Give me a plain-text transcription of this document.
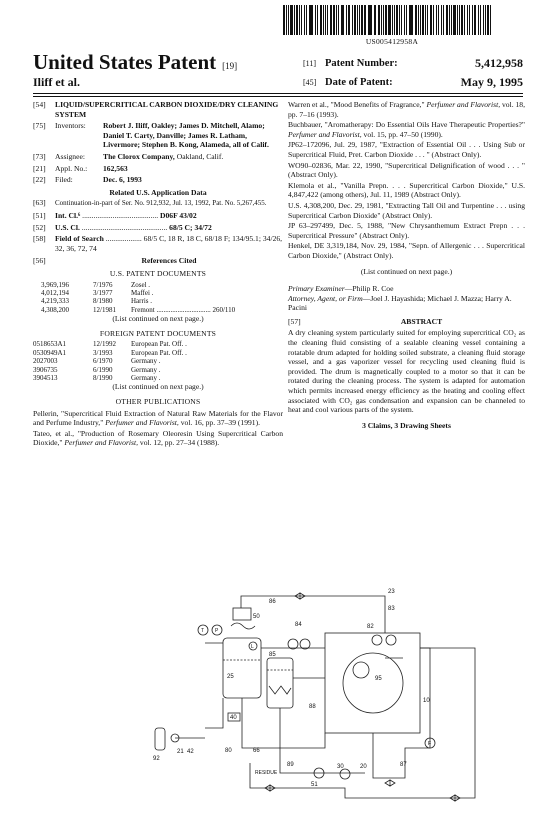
US005412958A
United States Patent [19]
Iliff et al.
[11] Patent Number:	5,412,958
[45] Date of Patent:	May 9, 1995
[54]	LIQUID/SUPERCRITICAL CARBON DIOXIDE/DRY CLEANING SYSTEM
[75]	Inventors:	Robert J. Iliff, Oakley; James D. Mitchell, Alamo; Daniel T. Carty, Danville; James R. Latham, Livermore; Stephen B. Kong, Alameda, all of Calif.
[73]	Assignee:	The Clorox Company, Oakland, Calif.
[21]	Appl. No.:	162,563
[22]	Filed:	Dec. 6, 1993
Related U.S. Application Data
[63]	Continuation-in-part of Ser. No. 912,932, Jul. 13, 1992, Pat. No. 5,267,455.
[51]	Int. Cl.⁶ ........................................ D06F 43/02
[52]	U.S. Cl. ............................................. 68/5 C; 34/72
[58]	Field of Search ................... 68/5 C, 18 R, 18 C, 68/18 F; 134/95.1; 34/26, 32, 36, 72, 74
[56]	References Cited
U.S. PATENT DOCUMENTS
3,969,196	7/1976	Zosel .
4,012,194	3/1977	Maffei .
4,219,333	8/1980	Harris .
4,308,200	12/1981	Fremont ............................... 260/110
(List continued on next page.)
FOREIGN PATENT DOCUMENTS
0518653A1	12/1992	European Pat. Off. .
0530949A1	3/1993	European Pat. Off. .
2027003	6/1970	Germany .
3906735	6/1990	Germany .
3904513	8/1990	Germany .
(List continued on next page.)
OTHER PUBLICATIONS
Pellerin, "Supercritical Fluid Extraction of Natural Raw Materials for the Flavor and Perfume Industry," Perfumer and Flavorist, vol. 16, pp. 37–39 (1991).
Tateo, et al., "Production of Rosemary Oleoresin Using Supercritical Carbon Dioxide," Perfumer and Flavorist, vol. 12, pp. 27–34 (1988).
Warren et al., "Mood Benefits of Fragrance," Perfumer and Flavorist, vol. 18, pp. 7–16 (1993).
Buchbauer, "Aromatherapy: Do Essential Oils Have Therapeutic Properties?" Perfumer and Flavorist, vol. 15, pp. 47–50 (1990).
JP62–172096, Jul. 29, 1987, "Extraction of Essential Oil . . . Using Sub or Supercritical Fluid, Pret. Carbon Dioxide . . . " (Abstract Only).
WO90–02836, Mar. 22, 1990, "Supercritical Delignification of wood . . . " (Abstract Only).
Klemola et al., "Vanilla Prepn. . . . Supercritical Carbon Dioxide," U.S. 4,847,422 (among others), Jul. 11, 1989 (Abstract Only).
U.S. 4,308,200, Dec. 29, 1981, "Extracting Tall Oil and Turpentine . . . using Supercritical Carbon Dioxide" (Abstract Only).
JP 63–297499, Dec. 5, 1988, "New Chrysanthemum Extract Prepn . . . Supercritical Pressure" (Abstract Only).
Henkel, DE 3,319,184, Nov. 29, 1984, "Sepn. of Allergenic . . . Supercritical Carbon Dioxide," (Abstract Only).
(List continued on next page.)
Primary Examiner—Philip R. Coe
Attorney, Agent, or Firm—Joel J. Hayashida; Michael J. Mazza; Harry A. Pacini
[57]	ABSTRACT
A dry cleaning system particularly suited for employing supercritical CO₂ as the cleaning fluid consisting of a sealable cleaning vessel containing a rotatable drum adapted for holding soiled substrate, a cleaning fluid storage vessel, and a gas vaporizer vessel for recycling used cleaning fluid is provided. The drum is magnetically coupled to a motor so that it can be rotated during the cleaning process. The system is adapted for automation which permits increased energy efficiency as the heating and cooling effect associated with CO₂ gas condensation and expansion can be channeled to heat and cool various parts of the system.
3 Claims, 3 Drawing Sheets
86
50
23
83
84	82
85
25
40
95
88
10
21 42
92
80	66
89	87
30	20
51
RESIDUE
T P
L
F
